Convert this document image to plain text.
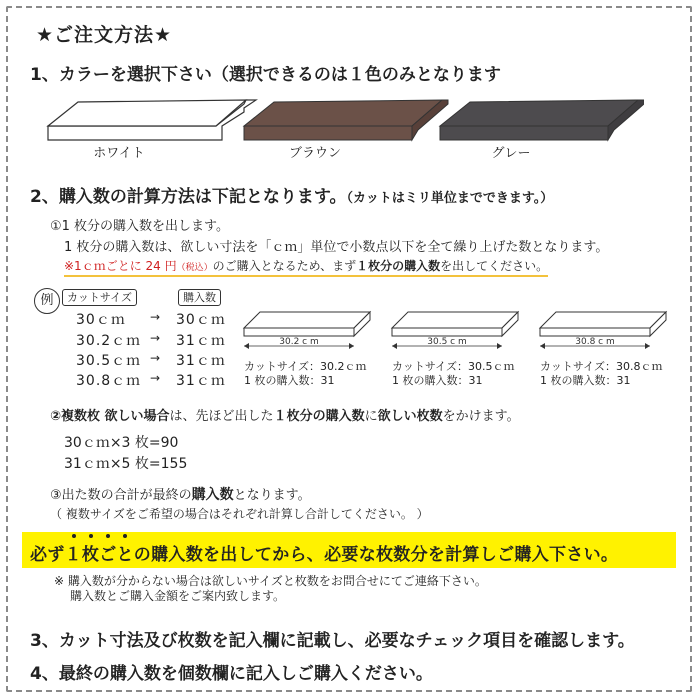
★ご注文方法★
1、カラーを選択下さい（選択できるのは１色のみとなります
ホワイト	ブラウン	グレー
2、購入数の計算方法は下記となります。（カットはミリ単位までできます。）
①1 枚分の購入数を出します。
1 枚分の購入数は、欲しい寸法を「ｃｍ」単位で小数点以下を全て繰り上げた数となります。
※1ｃｍごとに 24 円（税込）のご購入となるため、まず１枚分の購入数を出してください。
例	カットサイズ	購入数
30ｃｍ → 30ｃｍ
30.2ｃｍ → 31ｃｍ
30.5ｃｍ → 31ｃｍ
30.8ｃｍ → 31ｃｍ
30.2 c m	30.5 c m	30.8 c m
カットサイズ：30.2ｃｍ
1 枚の購入数：31
カットサイズ：30.5ｃｍ
1 枚の購入数：31
カットサイズ：30.8ｃｍ
1 枚の購入数：31
②複数枚 欲しい場合は、先ほど出した１枚分の購入数に欲しい枚数をかけます。
30ｃｍ×3 枚=90
31ｃｍ×5 枚=155
③出た数の合計が最終の購入数となります。
（ 複数サイズをご希望の場合はそれぞれ計算し合計してください。 ）
必ず１枚ごとの購入数を出してから、必要な枚数分を計算しご購入下さい。
※ 購入数が分からない場合は欲しいサイズと枚数をお問合せにてご連絡下さい。
購入数とご購入金額をご案内致します。
3、カット寸法及び枚数を記入欄に記載し、必要なチェック項目を確認します。
4、最終の購入数を個数欄に記入しご購入ください。
